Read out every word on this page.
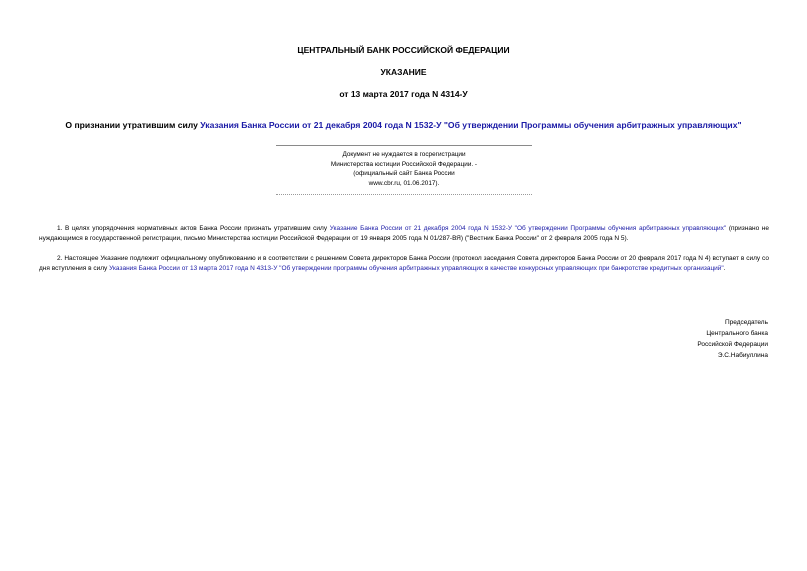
ЦЕНТРАЛЬНЫЙ БАНК РОССИЙСКОЙ ФЕДЕРАЦИИ
УКАЗАНИЕ
от 13 марта 2017 года N 4314-У
О признании утратившим силу Указания Банка России от 21 декабря 2004 года N 1532-У "Об утверждении Программы обучения арбитражных управляющих"
Документ не нуждается в госрегистрации
Министерства юстиции Российской Федерации. -
(официальный сайт Банка России
www.cbr.ru, 01.06.2017).

1. В целях упорядочения нормативных актов Банка России признать утратившим силу Указание Банка России от 21 декабря 2004 года N 1532-У "Об утверждении Программы обучения арбитражных управляющих" (признано не нуждающимся в государственной регистрации, письмо Министерства юстиции Российской Федерации от 19 января 2005 года N 01/287-ВЯ) ("Вестник Банка России" от 2 февраля 2005 года N 5).

2. Настоящее Указание подлежит официальному опубликованию и в соответствии с решением Совета директоров Банка России (протокол заседания Совета директоров Банка России от 20 февраля 2017 года N 4) вступает в силу со дня вступления в силу Указания Банка России от 13 марта 2017 года N 4313-У "Об утверждении программы обучения арбитражных управляющих в качестве конкурсных управляющих при банкротстве кредитных организаций".

Председатель
Центрального банка
Российской Федерации
Э.С.Набиуллина
